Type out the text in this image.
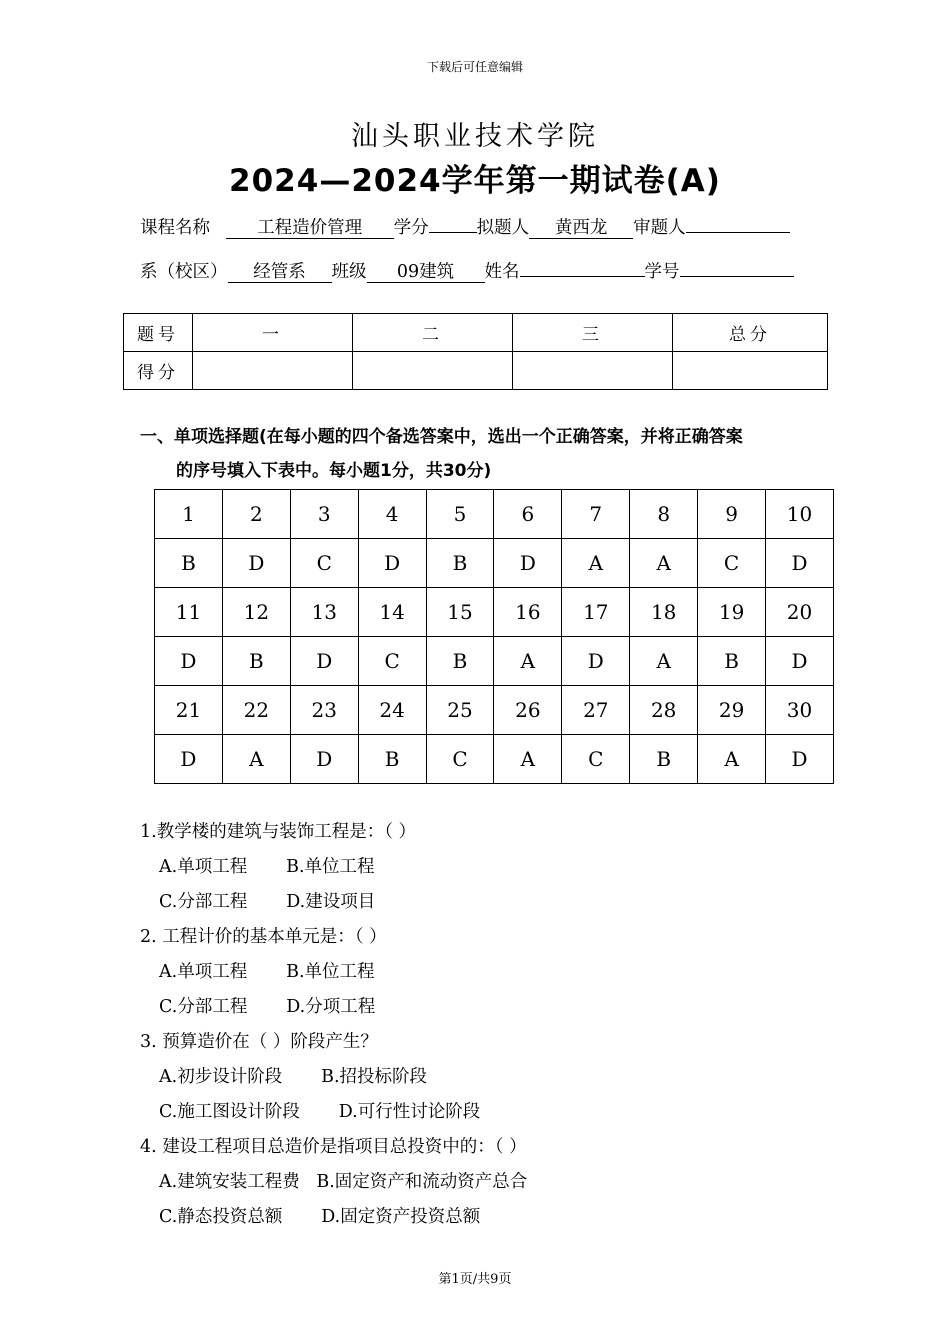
下载后可任意编辑
汕头职业技术学院
2024—2024学年第一期试卷(A)
课程名称	工程造价管理 学分	拟题人 黄西龙 审题人
系（校区） 经管系 班级 09建筑 姓名	学号
题号	一	二	三	总分
得分				
一、单项选择题(在每小题的四个备选答案中，选出一个正确答案，并将正确答案
的序号填入下表中。每小题1分，共30分)
1	2	3	4	5	6	7	8	9	10
B	D	C	D	B	D	A	A	C	D
11	12	13	14	15	16	17	18	19	20
D	B	D	C	B	A	D	A	B	D
21	22	23	24	25	26	27	28	29	30
D	A	D	B	C	A	C	B	A	D
1.教学楼的建筑与装饰工程是：（ ）
A.单项工程       B.单位工程
C.分部工程       D.建设项目
2. 工程计价的基本单元是：（ ）
A.单项工程       B.单位工程
C.分部工程       D.分项工程
3. 预算造价在（ ）阶段产生？
A.初步设计阶段       B.招投标阶段
C.施工图设计阶段       D.可行性讨论阶段
4. 建设工程项目总造价是指项目总投资中的：（ ）
A.建筑安装工程费   B.固定资产和流动资产总合
C.静态投资总额       D.固定资产投资总额
第1页/共9页
